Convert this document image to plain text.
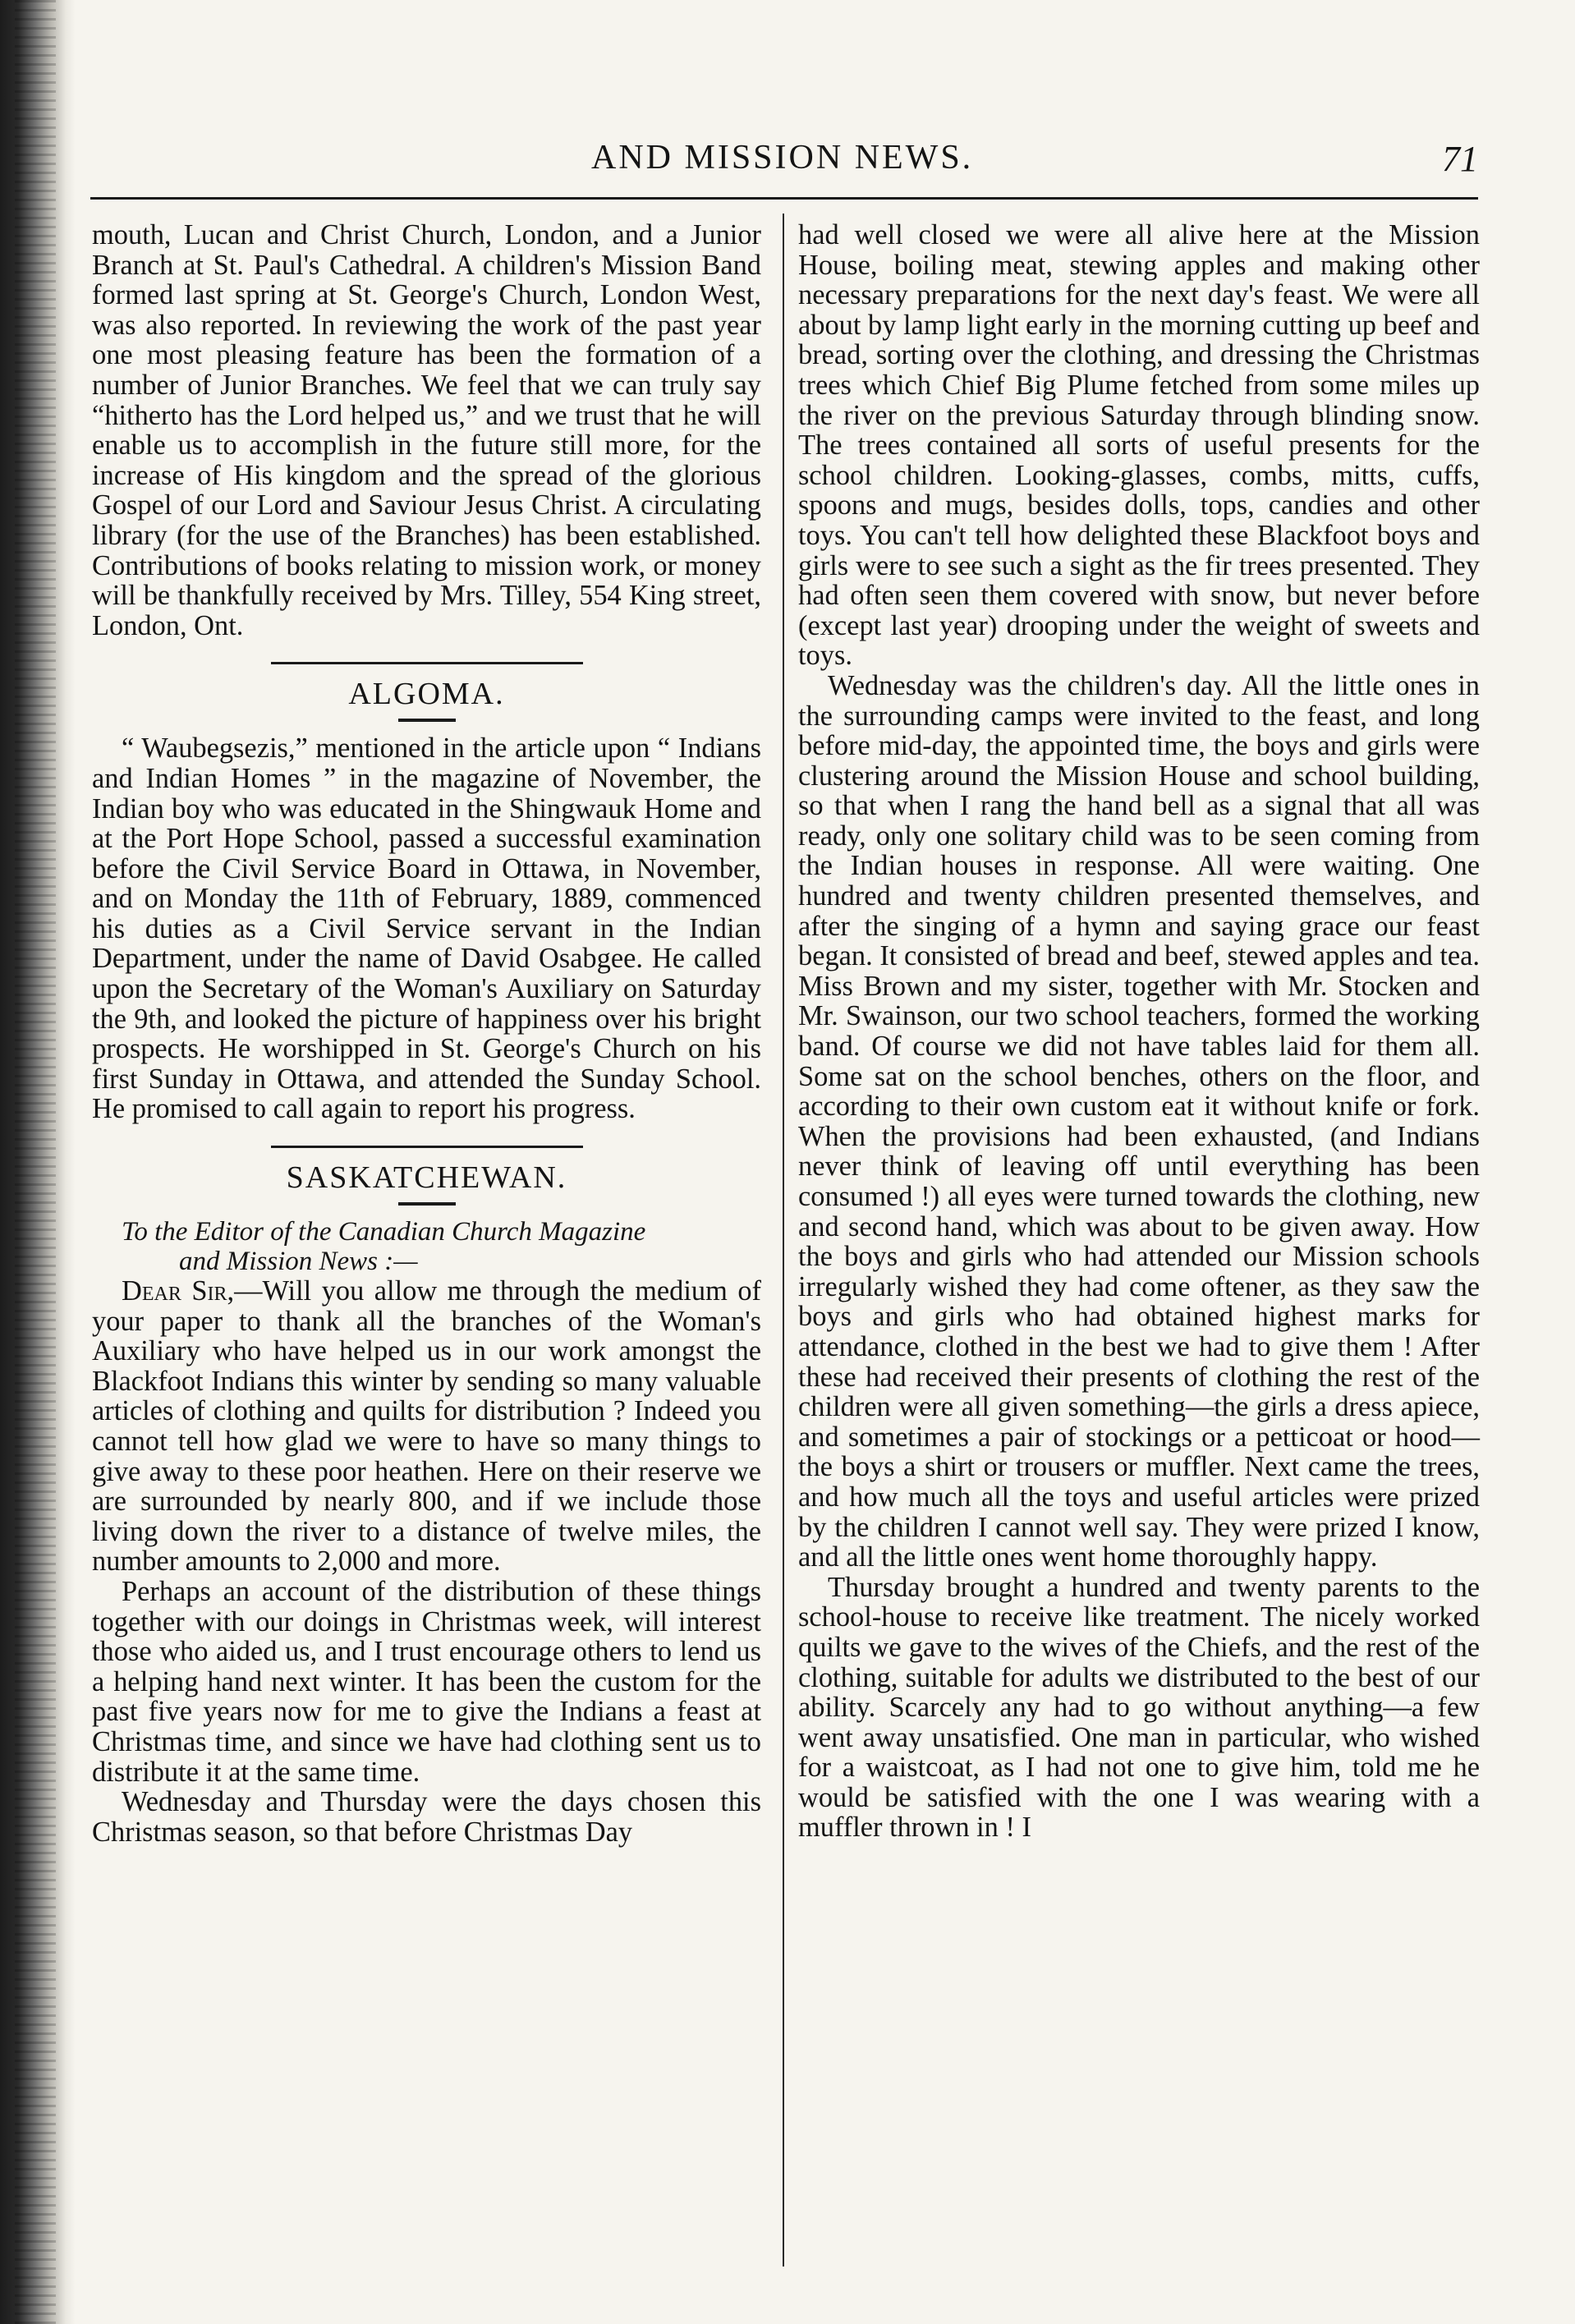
AND MISSION NEWS.	71

mouth, Lucan and Christ Church, London, and a Junior Branch at St. Paul's Cathedral. A children's Mission Band formed last spring at St. George's Church, London West, was also reported. In reviewing the work of the past year one most pleasing feature has been the formation of a number of Junior Branches. We feel that we can truly say “hitherto has the Lord helped us,” and we trust that he will enable us to accomplish in the future still more, for the increase of His kingdom and the spread of the glorious Gospel of our Lord and Saviour Jesus Christ. A circulating library (for the use of the Branches) has been established. Contributions of books relating to mission work, or money will be thankfully received by Mrs. Tilley, 554 King street, London, Ont.

ALGOMA.

“ Waubegsezis,” mentioned in the article upon “ Indians and Indian Homes ” in the magazine of November, the Indian boy who was educated in the Shingwauk Home and at the Port Hope School, passed a successful examination before the Civil Service Board in Ottawa, in November, and on Monday the 11th of February, 1889, commenced his duties as a Civil Service servant in the Indian Department, under the name of David Osabgee. He called upon the Secretary of the Woman's Auxiliary on Saturday the 9th, and looked the picture of happiness over his bright prospects. He worshipped in St. George's Church on his first Sunday in Ottawa, and attended the Sunday School. He promised to call again to report his progress.

SASKATCHEWAN.

To the Editor of the Canadian Church Magazine
and Mission News :—

Dear Sir,—Will you allow me through the medium of your paper to thank all the branches of the Woman's Auxiliary who have helped us in our work amongst the Blackfoot Indians this winter by sending so many valuable articles of clothing and quilts for distribution ? Indeed you cannot tell how glad we were to have so many things to give away to these poor heathen. Here on their reserve we are surrounded by nearly 800, and if we include those living down the river to a distance of twelve miles, the number amounts to 2,000 and more.

Perhaps an account of the distribution of these things together with our doings in Christmas week, will interest those who aided us, and I trust encourage others to lend us a helping hand next winter. It has been the custom for the past five years now for me to give the Indians a feast at Christmas time, and since we have had clothing sent us to distribute it at the same time.

Wednesday and Thursday were the days chosen this Christmas season, so that before Christmas Day

had well closed we were all alive here at the Mission House, boiling meat, stewing apples and making other necessary preparations for the next day's feast. We were all about by lamp light early in the morning cutting up beef and bread, sorting over the clothing, and dressing the Christmas trees which Chief Big Plume fetched from some miles up the river on the previous Saturday through blinding snow. The trees contained all sorts of useful presents for the school children. Looking-glasses, combs, mitts, cuffs, spoons and mugs, besides dolls, tops, candies and other toys. You can't tell how delighted these Blackfoot boys and girls were to see such a sight as the fir trees presented. They had often seen them covered with snow, but never before (except last year) drooping under the weight of sweets and toys.

Wednesday was the children's day. All the little ones in the surrounding camps were invited to the feast, and long before mid-day, the appointed time, the boys and girls were clustering around the Mission House and school building, so that when I rang the hand bell as a signal that all was ready, only one solitary child was to be seen coming from the Indian houses in response. All were waiting. One hundred and twenty children presented themselves, and after the singing of a hymn and saying grace our feast began. It consisted of bread and beef, stewed apples and tea. Miss Brown and my sister, together with Mr. Stocken and Mr. Swainson, our two school teachers, formed the working band. Of course we did not have tables laid for them all. Some sat on the school benches, others on the floor, and according to their own custom eat it without knife or fork. When the provisions had been exhausted, (and Indians never think of leaving off until everything has been consumed !) all eyes were turned towards the clothing, new and second hand, which was about to be given away. How the boys and girls who had attended our Mission schools irregularly wished they had come oftener, as they saw the boys and girls who had obtained highest marks for attendance, clothed in the best we had to give them ! After these had received their presents of clothing the rest of the children were all given something—the girls a dress apiece, and sometimes a pair of stockings or a petticoat or hood—the boys a shirt or trousers or muffler. Next came the trees, and how much all the toys and useful articles were prized by the children I cannot well say. They were prized I know, and all the little ones went home thoroughly happy.

Thursday brought a hundred and twenty parents to the school-house to receive like treatment. The nicely worked quilts we gave to the wives of the Chiefs, and the rest of the clothing, suitable for adults we distributed to the best of our ability. Scarcely any had to go without anything—a few went away unsatisfied. One man in particular, who wished for a waistcoat, as I had not one to give him, told me he would be satisfied with the one I was wearing with a muffler thrown in ! I
